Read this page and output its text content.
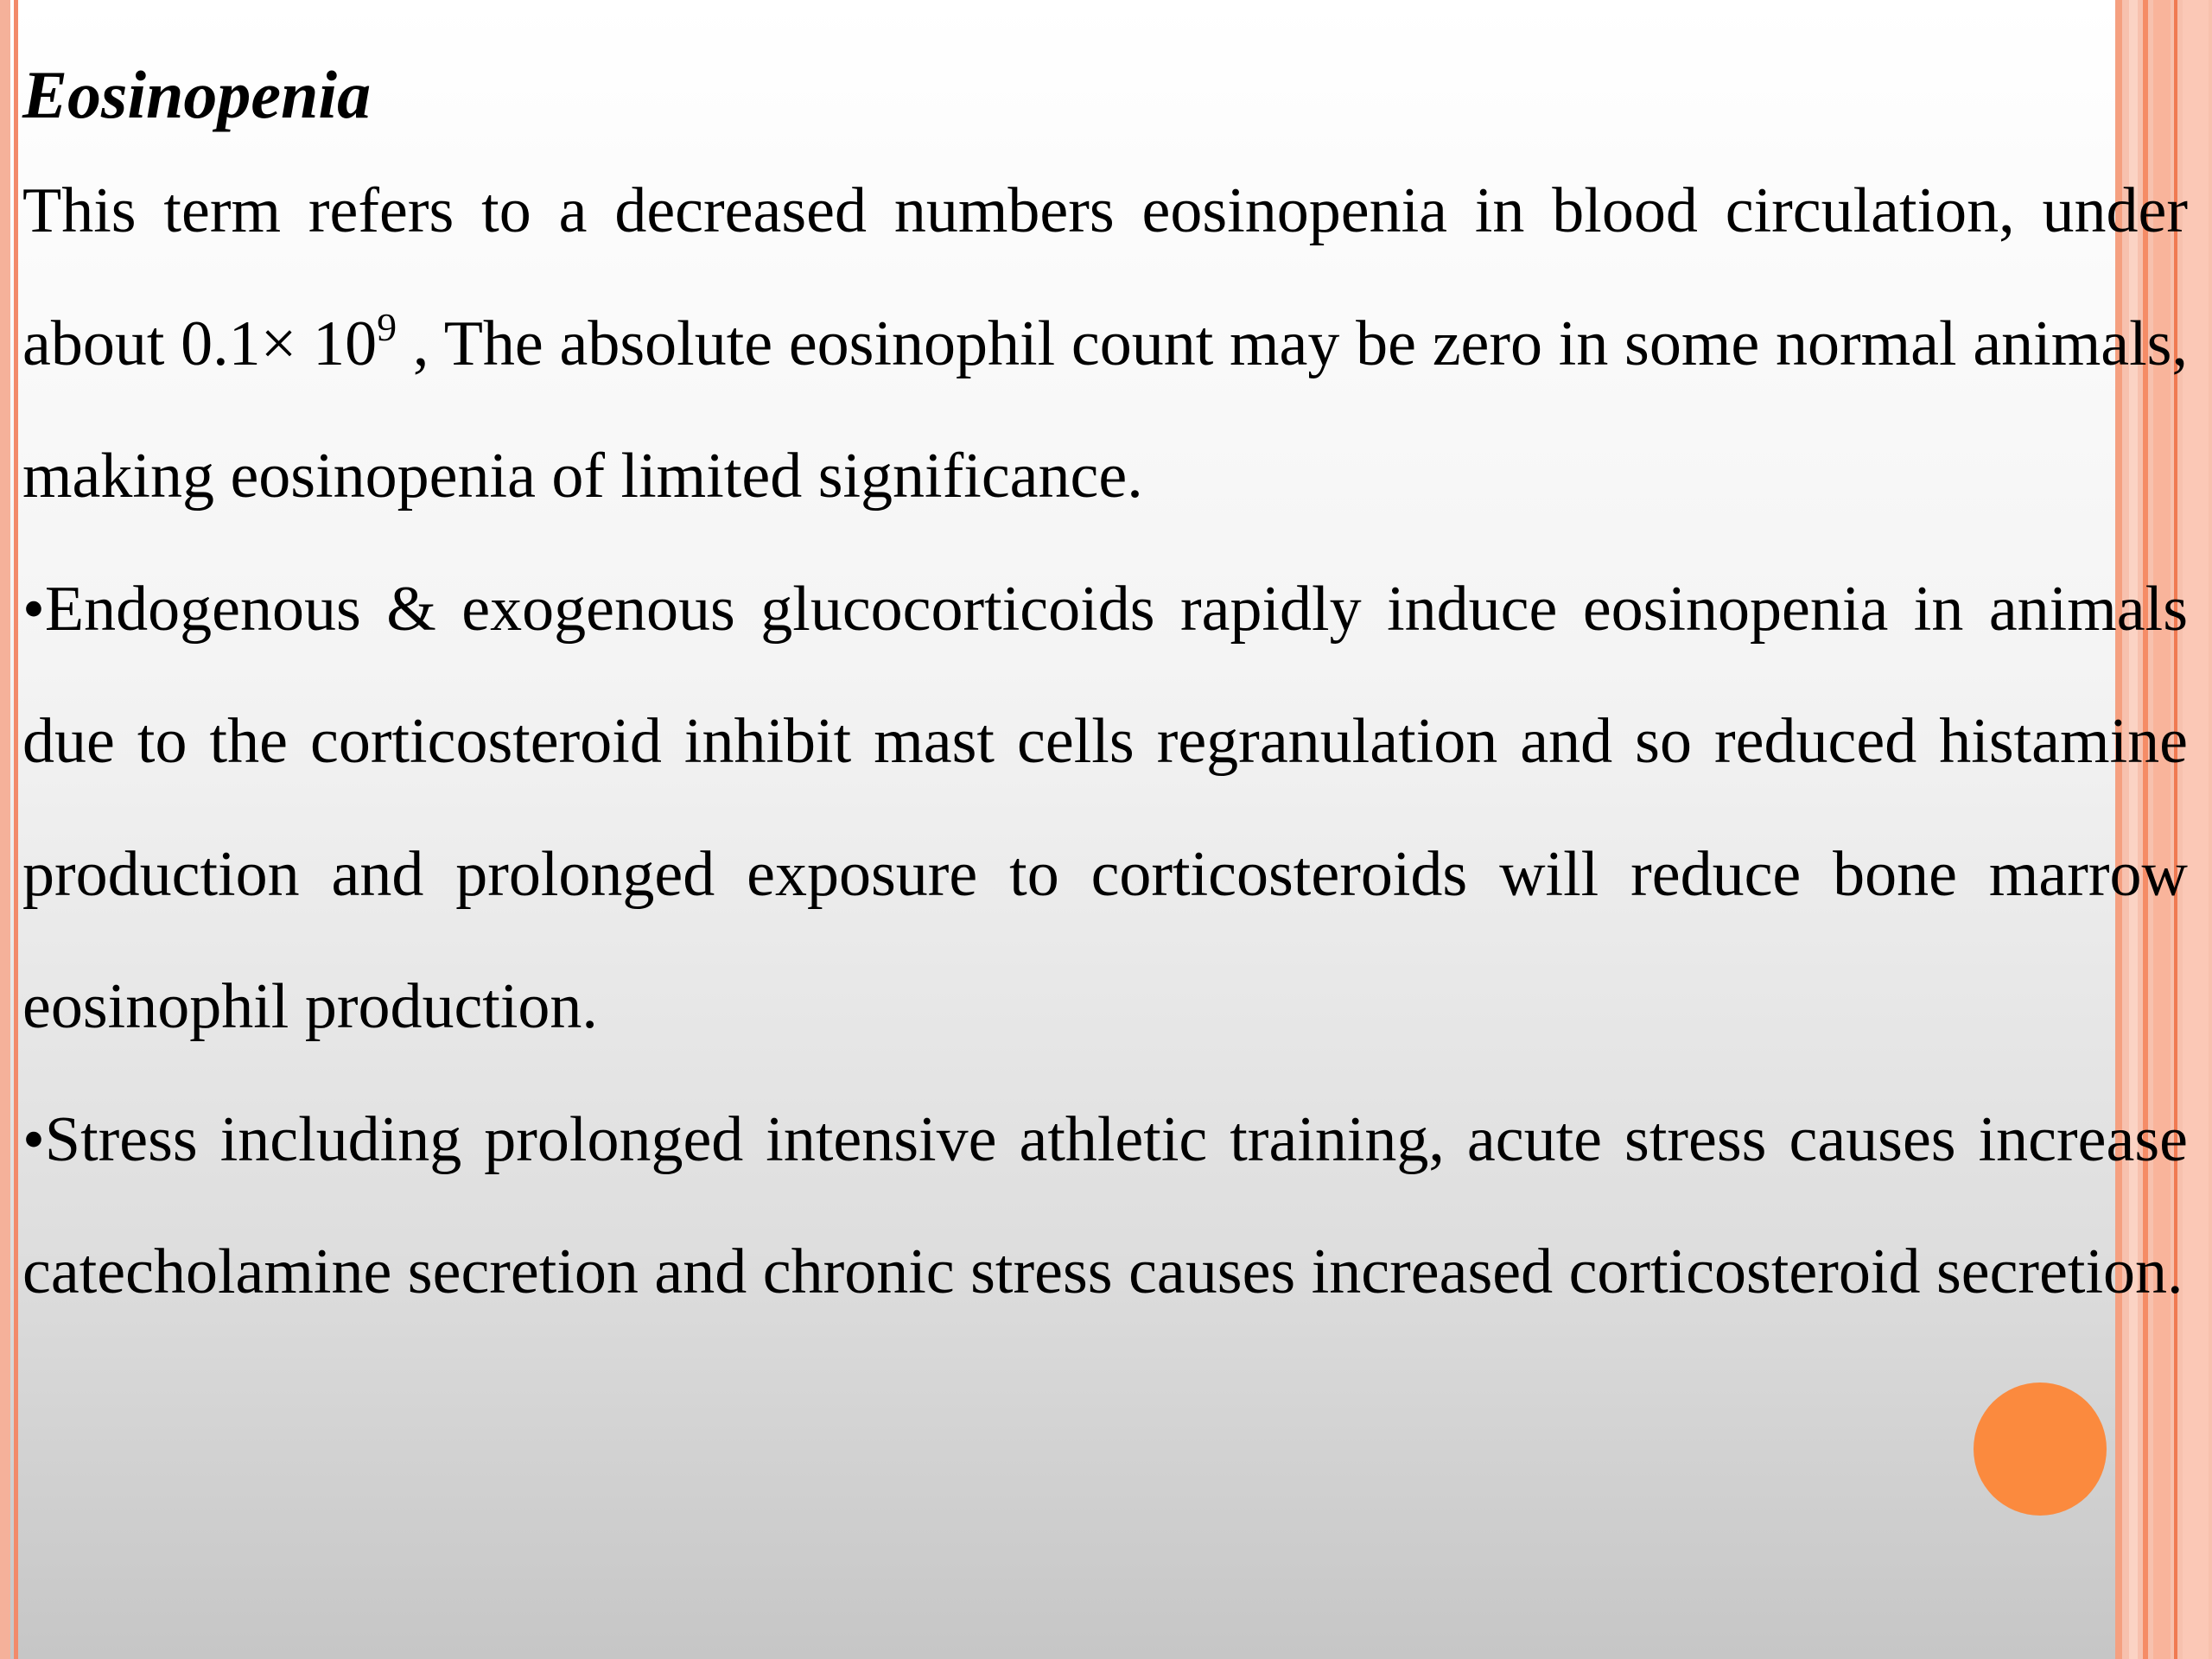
Eosinopenia

This term refers to a decreased numbers eosinopenia in blood circulation, under about $0.1\times 10^9$ , The absolute eosinophil count may be zero in some normal animals, making eosinopenia of limited significance.

•Endogenous & exogenous glucocorticoids rapidly induce eosinopenia in animals due to the corticosteroid inhibit mast cells regranulation and so reduced histamine production and prolonged exposure to corticosteroids will reduce bone marrow eosinophil production.

•Stress including prolonged intensive athletic training, acute stress causes increase catecholamine secretion and chronic stress causes increased corticosteroid secretion.
